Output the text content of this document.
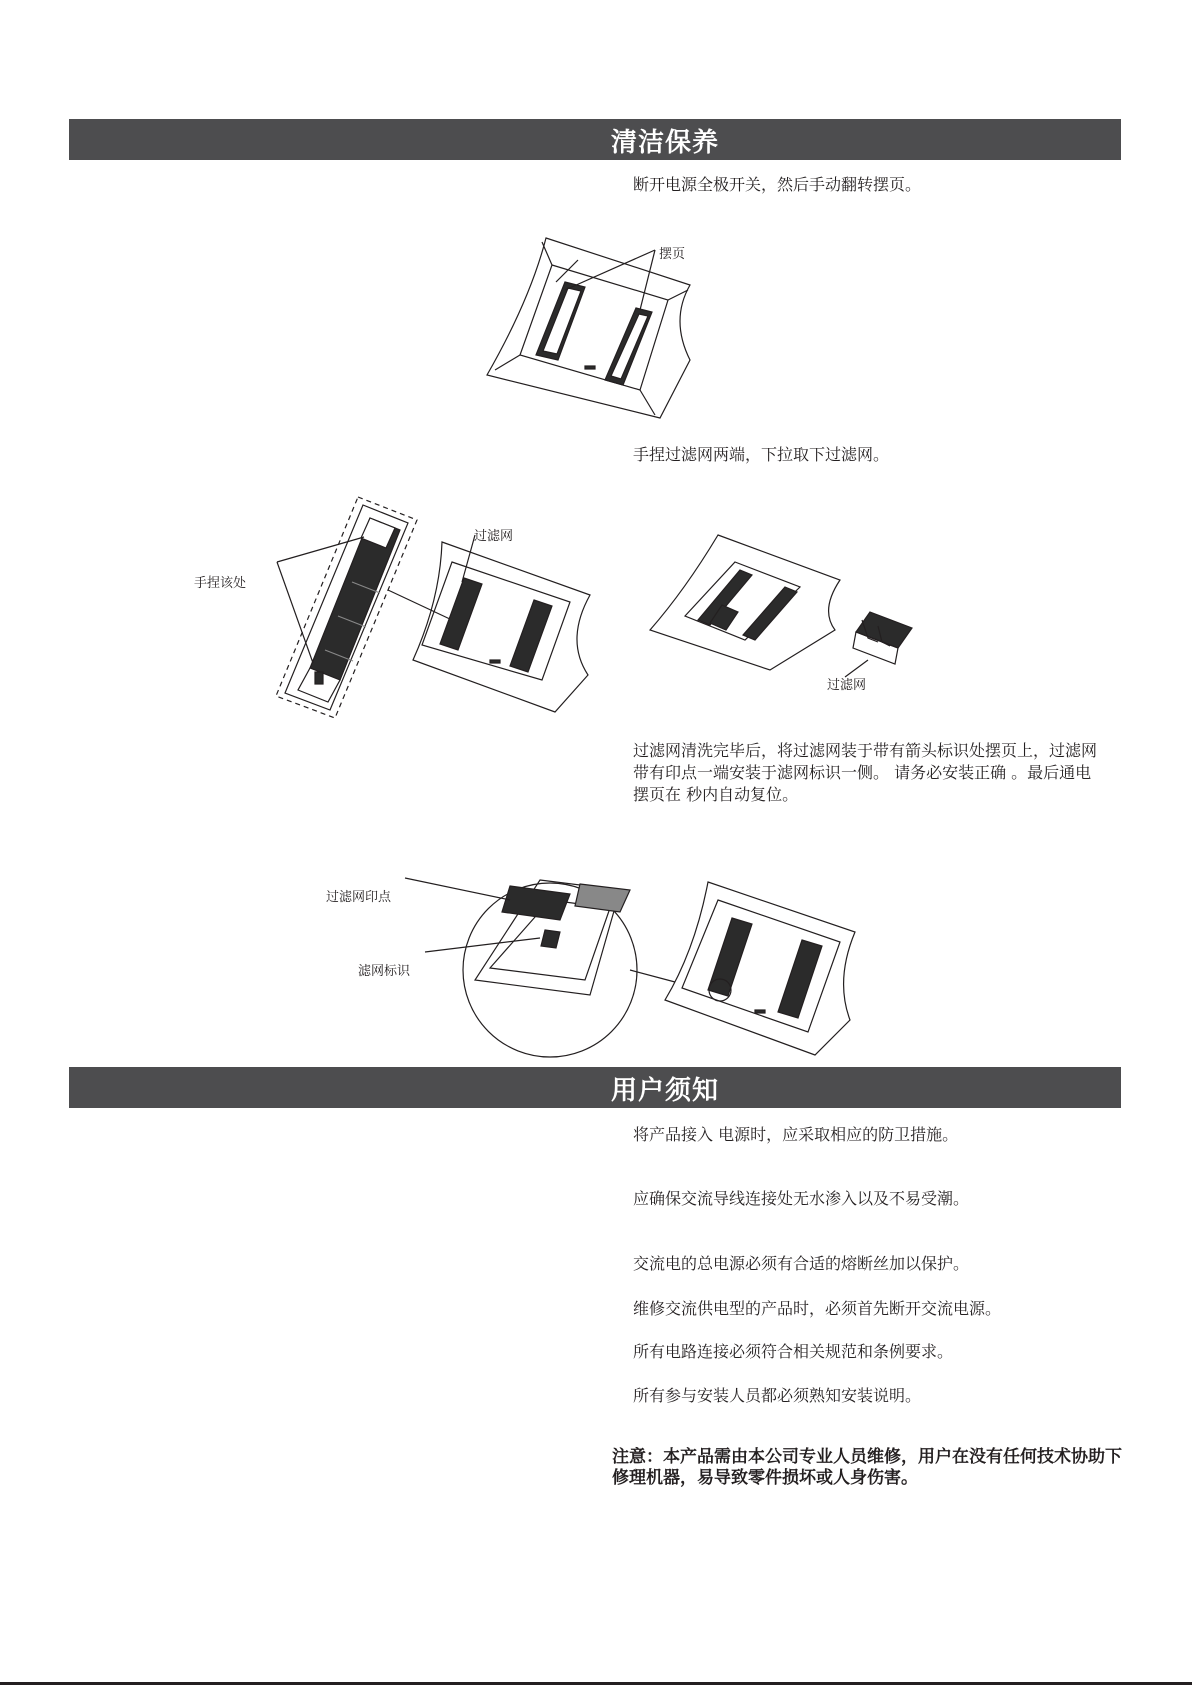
清洁保养
断开电源全极开关，然后手动翻转摆页。
摆页
手捏过滤网两端，下拉取下过滤网。
手捏该处
过滤网
过滤网
过滤网清洗完毕后，将过滤网装于带有箭头标识处摆页上，过滤网带有印点一端安装于滤网标识一侧。 请务必安装正确 。最后通电摆页在 秒内自动复位。
过滤网印点
滤网标识
用户须知
将产品接入 电源时，应采取相应的防卫措施。
应确保交流导线连接处无水渗入以及不易受潮。
交流电的总电源必须有合适的熔断丝加以保护。
维修交流供电型的产品时，必须首先断开交流电源。
所有电路连接必须符合相关规范和条例要求。
所有参与安装人员都必须熟知安装说明。
注意：本产品需由本公司专业人员维修，用户在没有任何技术协助下修理机器，易导致零件损坏或人身伤害。
